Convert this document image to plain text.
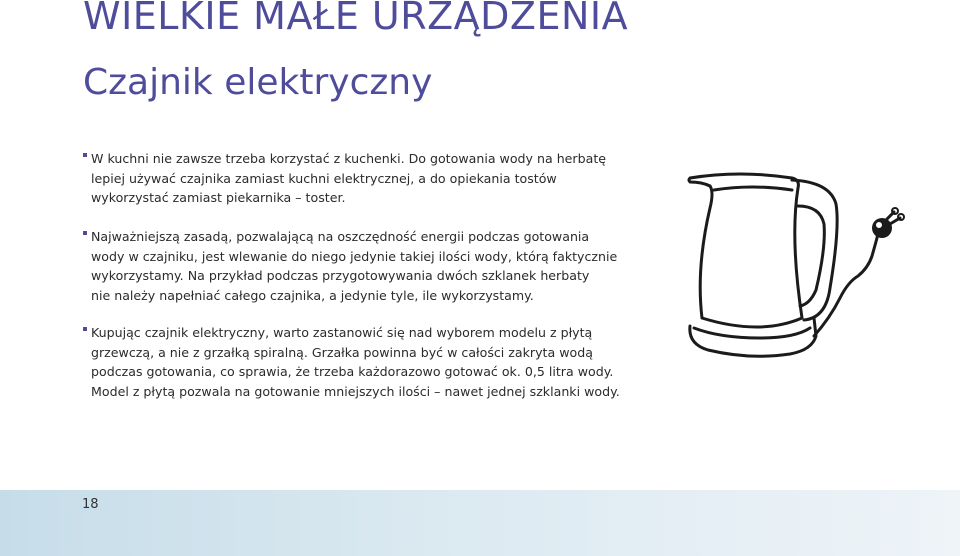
WIELKIE MAŁE URZĄDZENIA
Czajnik elektryczny
W kuchni nie zawsze trzeba korzystać z kuchenki. Do gotowania wody na herbatę
lepiej używać czajnika zamiast kuchni elektrycznej, a do opiekania tostów
wykorzystać zamiast piekarnika – toster.
Najważniejszą zasadą, pozwalającą na oszczędność energii podczas gotowania
wody w czajniku, jest wlewanie do niego jedynie takiej ilości wody, którą faktycznie
wykorzystamy. Na przykład podczas przygotowywania dwóch szklanek herbaty
nie należy napełniać całego czajnika, a jedynie tyle, ile wykorzystamy.
Kupując czajnik elektryczny, warto zastanowić się nad wyborem modelu z płytą
grzewczą, a nie z grzałką spiralną. Grzałka powinna być w całości zakryta wodą
podczas gotowania, co sprawia, że trzeba każdorazowo gotować ok. 0,5 litra wody.
Model z płytą pozwala na gotowanie mniejszych ilości – nawet jednej szklanki wody.
18
